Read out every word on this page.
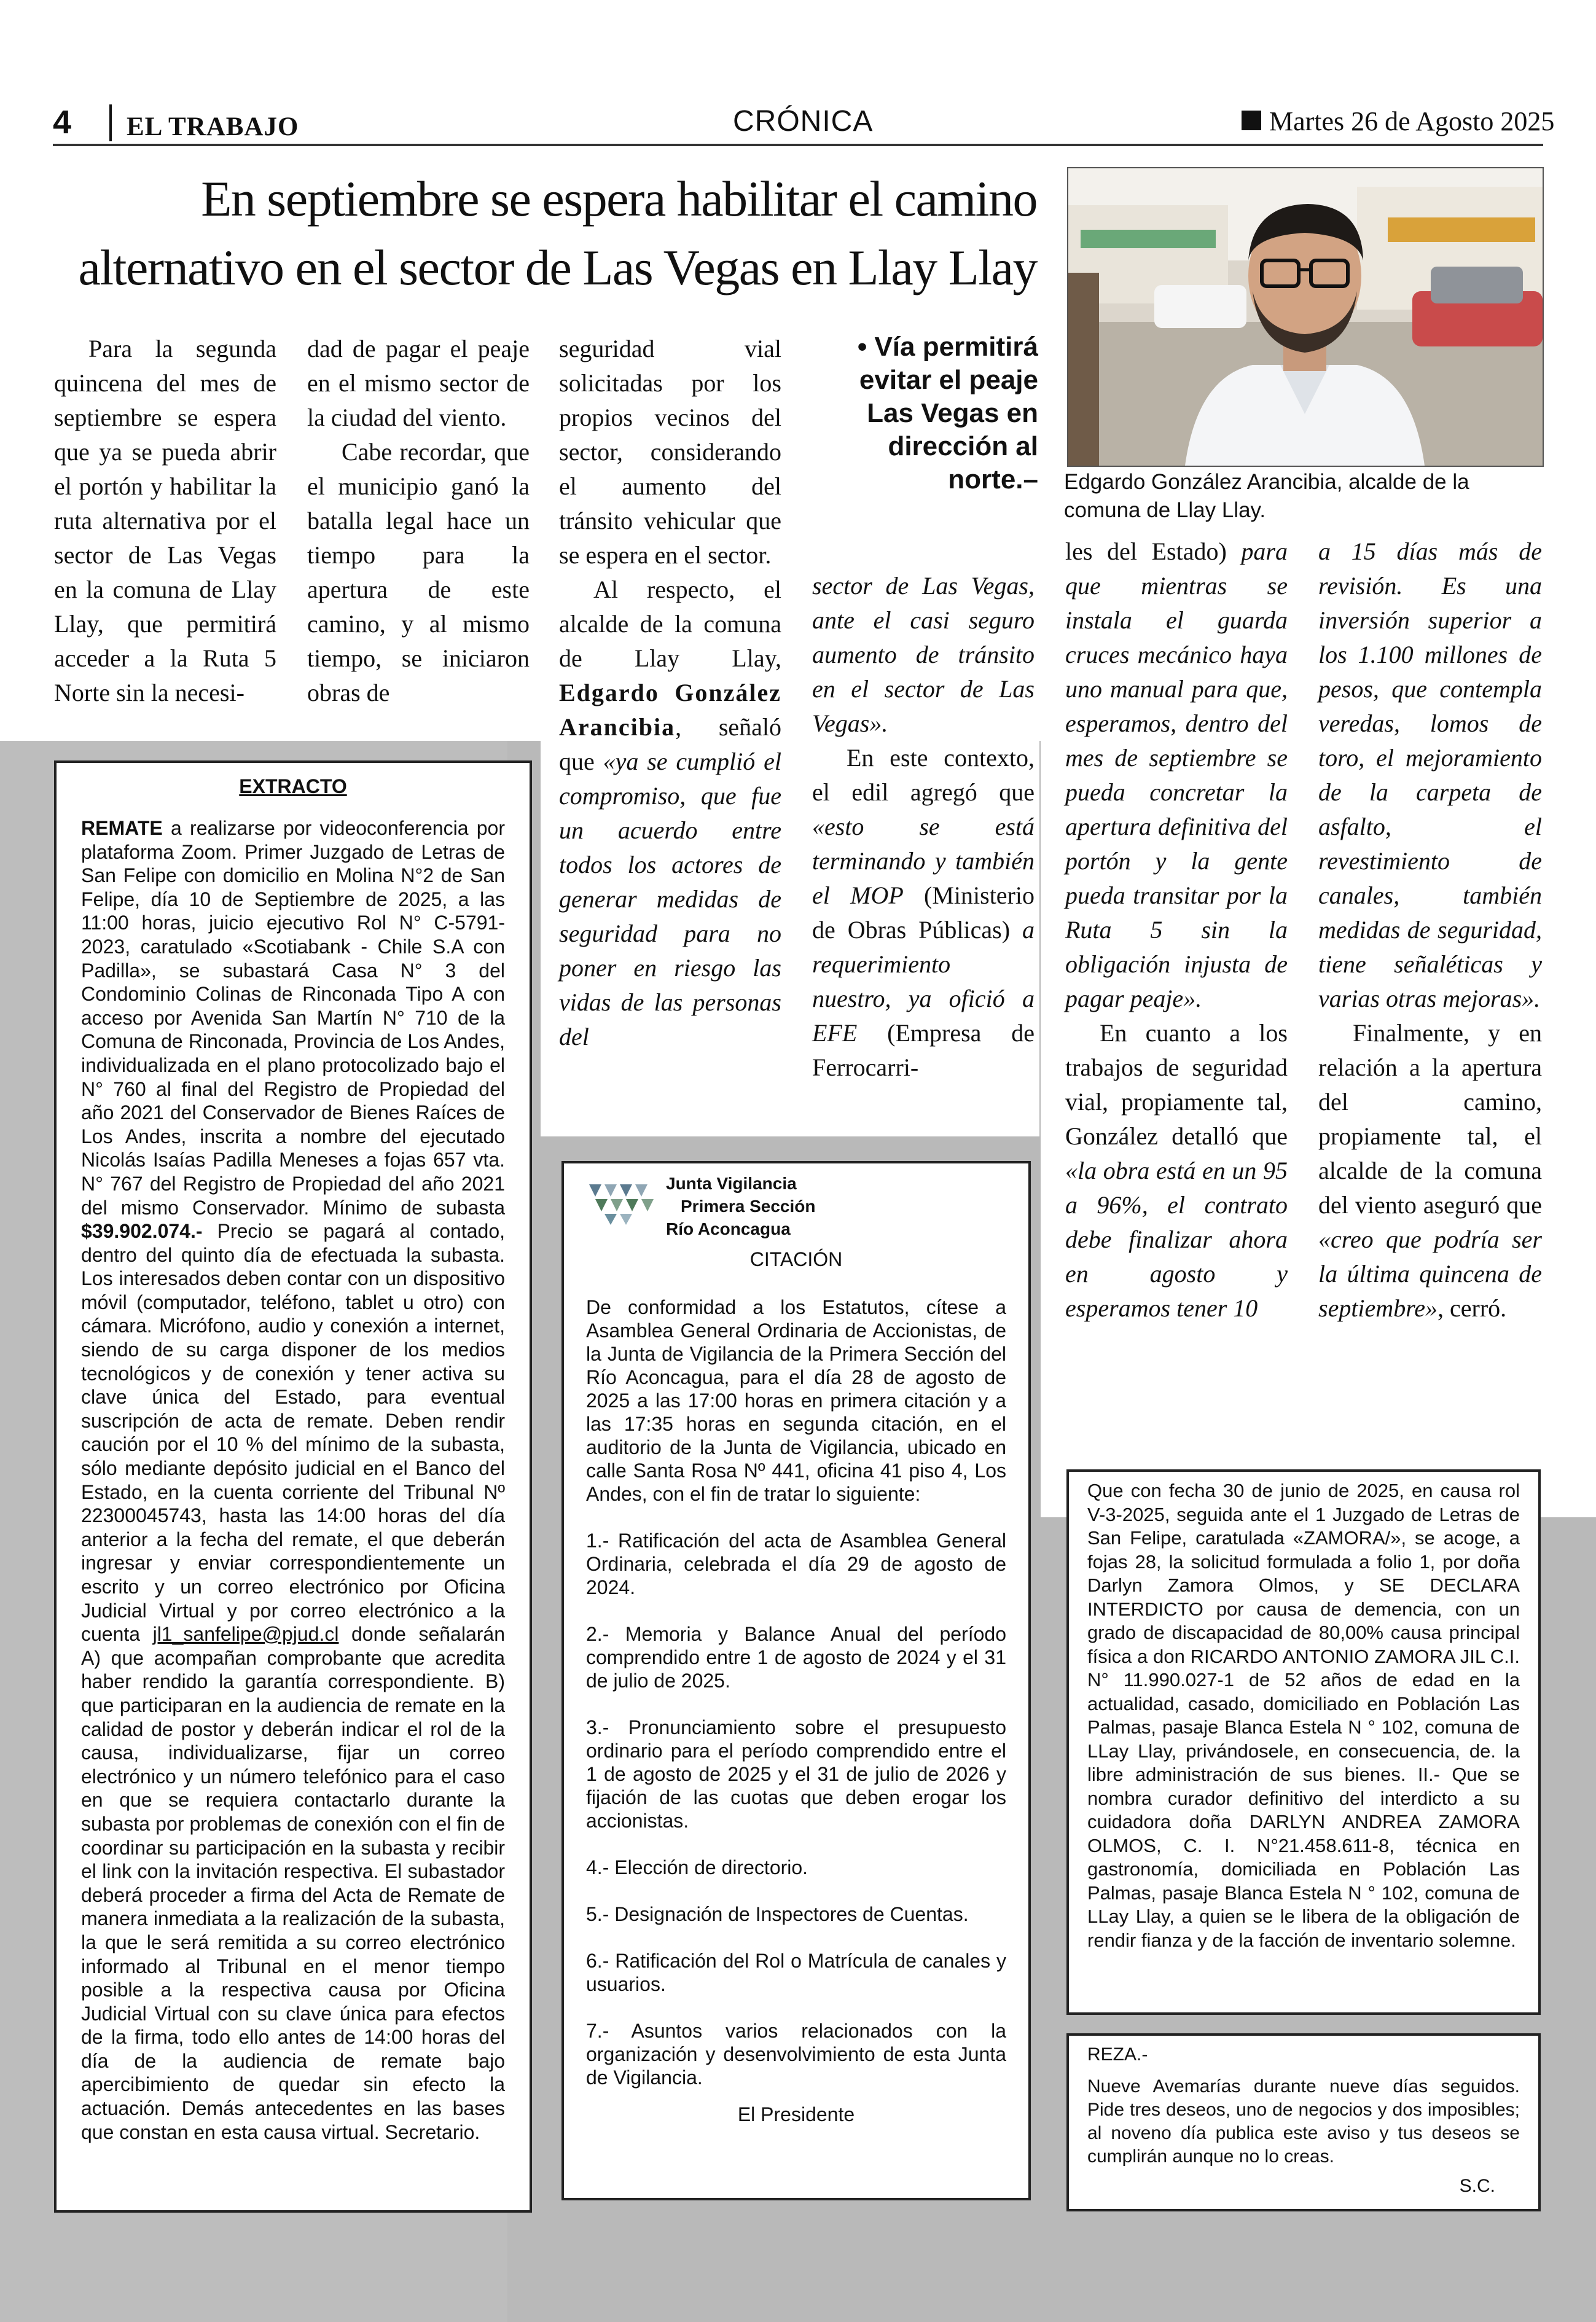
4 EL TRABAJO	CRÓNICA	Martes 26 de Agosto 2025
En septiembre se espera habilitar el camino
alternativo en el sector de Las Vegas en Llay Llay
Edgardo González Arancibia, alcalde de la comuna de Llay Llay.

Para la segunda quincena del mes de septiembre se espera que ya se pueda abrir el portón y habilitar la ruta alternativa por el sector de Las Vegas en la comuna de Llay Llay, que permitirá acceder a la Ruta 5 Norte sin la necesi-

dad de pagar el peaje en el mismo sector de la ciudad del viento.

Cabe recordar, que el municipio ganó la batalla legal hace un tiempo para la apertura de este camino, y al mismo tiempo, se iniciaron obras de

seguridad vial solicitadas por los propios vecinos del sector, considerando el aumento del tránsito vehicular que se espera en el sector.

Al respecto, el alcalde de la comuna de Llay Llay, Edgardo González Arancibia, señaló que «ya se cumplió el compromiso, que fue un acuerdo entre todos los actores de generar medidas de seguridad para no poner en riesgo las vidas de las personas del

• Vía permitirá evitar el peaje Las Vegas en dirección al norte.–

sector de Las Vegas, ante el casi seguro aumento de tránsito en el sector de Las Vegas».

En este contexto, el edil agregó que «esto se está terminando y también el MOP (Ministerio de Obras Públicas) a requerimiento nuestro, ya ofició a EFE (Empresa de Ferrocarri-

les del Estado) para que mientras se instala el guarda cruces mecánico haya uno manual para que, esperamos, dentro del mes de septiembre se pueda concretar la apertura definitiva del portón y la gente pueda transitar por la Ruta 5 sin la obligación injusta de pagar peaje».

En cuanto a los trabajos de seguridad vial, propiamente tal, González detalló que «la obra está en un 95 a 96%, el contrato debe finalizar ahora en agosto y esperamos tener 10

a 15 días más de revisión. Es una inversión superior a los 1.100 millones de pesos, que contempla veredas, lomos de toro, el mejoramiento de la carpeta de asfalto, el revestimiento de canales, también medidas de seguridad, tiene señaléticas y varias otras mejoras».

Finalmente, y en relación a la apertura del camino, propiamente tal, el alcalde de la comuna del viento aseguró que «creo que podría ser la última quincena de septiembre», cerró.

EXTRACTO
REMATE a realizarse por videoconferencia por plataforma Zoom. Primer Juzgado de Letras de San Felipe con domicilio en Molina N°2 de San Felipe, día 10 de Septiembre de 2025, a las 11:00 horas, juicio ejecutivo Rol N° C-5791-2023, caratulado «Scotiabank - Chile S.A con Padilla», se subastará Casa N° 3 del Condominio Colinas de Rinconada Tipo A con acceso por Avenida San Martín N° 710 de la Comuna de Rinconada, Provincia de Los Andes, individualizada en el plano protocolizado bajo el N° 760 al final del Registro de Propiedad del año 2021 del Conservador de Bienes Raíces de Los Andes, inscrita a nombre del ejecutado Nicolás Isaías Padilla Meneses a fojas 657 vta. N° 767 del Registro de Propiedad del año 2021 del mismo Conservador. Mínimo de subasta $39.902.074.- Precio se pagará al contado, dentro del quinto día de efectuada la subasta. Los interesados deben contar con un dispositivo móvil (computador, teléfono, tablet u otro) con cámara. Micrófono, audio y conexión a internet, siendo de su carga disponer de los medios tecnológicos y de conexión y tener activa su clave única del Estado, para eventual suscripción de acta de remate. Deben rendir caución por el 10 % del mínimo de la subasta, sólo mediante depósito judicial en el Banco del Estado, en la cuenta corriente del Tribunal Nº 22300045743, hasta las 14:00 horas del día anterior a la fecha del remate, el que deberán ingresar y enviar correspondientemente un escrito y un correo electrónico por Oficina Judicial Virtual y por correo electrónico a la cuenta jl1_sanfelipe@pjud.cl donde señalarán A) que acompañan comprobante que acredita haber rendido la garantía correspondiente. B) que participaran en la audiencia de remate en la calidad de postor y deberán indicar el rol de la causa, individualizarse, fijar un correo electrónico y un número telefónico para el caso en que se requiera contactarlo durante la subasta por problemas de conexión con el fin de coordinar su participación en la subasta y recibir el link con la invitación respectiva. El subastador deberá proceder a firma del Acta de Remate de manera inmediata a la realización de la subasta, la que le será remitida a su correo electrónico informado al Tribunal en el menor tiempo posible a la respectiva causa por Oficina Judicial Virtual con su clave única para efectos de la firma, todo ello antes de 14:00 horas del día de la audiencia de remate bajo apercibimiento de quedar sin efecto la actuación. Demás antecedentes en las bases que constan en esta causa virtual. Secretario.
Junta Vigilancia
Primera Sección
Río Aconcagua
CITACIÓN

De conformidad a los Estatutos, cítese a Asamblea General Ordinaria de Accionistas, de la Junta de Vigilancia de la Primera Sección del Río Aconcagua, para el día 28 de agosto de 2025 a las 17:00 horas en primera citación y a las 17:35 horas en segunda citación, en el auditorio de la Junta de Vigilancia, ubicado en calle Santa Rosa Nº 441, oficina 41 piso 4, Los Andes, con el fin de tratar lo siguiente:

1.- Ratificación del acta de Asamblea General Ordinaria, celebrada el día 29 de agosto de 2024.

2.- Memoria y Balance Anual del período comprendido entre 1 de agosto de 2024 y el 31 de julio de 2025.

3.- Pronunciamiento sobre el presupuesto ordinario para el período comprendido entre el 1 de agosto de 2025 y el 31 de julio de 2026 y fijación de las cuotas que deben erogar los accionistas.

4.- Elección de directorio.

5.- Designación de Inspectores de Cuentas.

6.- Ratificación del Rol o Matrícula de canales y usuarios.

7.- Asuntos varios relacionados con la organización y desenvolvimiento de esta Junta de Vigilancia.

El Presidente
Que con fecha 30 de junio de 2025, en causa rol V-3-2025, seguida ante el 1 Juzgado de Letras de San Felipe, caratulada «ZAMORA/», se acoge, a fojas 28, la solicitud formulada a folio 1, por doña Darlyn Zamora Olmos, y SE DECLARA INTERDICTO por causa de demencia, con un grado de discapacidad de 80,00% causa principal física a don RICARDO ANTONIO ZAMORA JIL C.I. N° 11.990.027-1 de 52 años de edad en la actualidad, casado, domiciliado en Población Las Palmas, pasaje Blanca Estela N ° 102, comuna de LLay Llay, privándosele, en consecuencia, de. la libre administración de sus bienes. II.- Que se nombra curador definitivo del interdicto a su cuidadora doña DARLYN ANDREA ZAMORA OLMOS, C. I. N°21.458.611-8, técnica en gastronomía, domiciliada en Población Las Palmas, pasaje Blanca Estela N ° 102, comuna de LLay Llay, a quien se le libera de la obligación de rendir fianza y de la facción de inventario solemne.
REZA.-
Nueve Avemarías durante nueve días seguidos. Pide tres deseos, uno de negocios y dos imposibles; al noveno día publica este aviso y tus deseos se cumplirán aunque no lo creas.
S.C.
